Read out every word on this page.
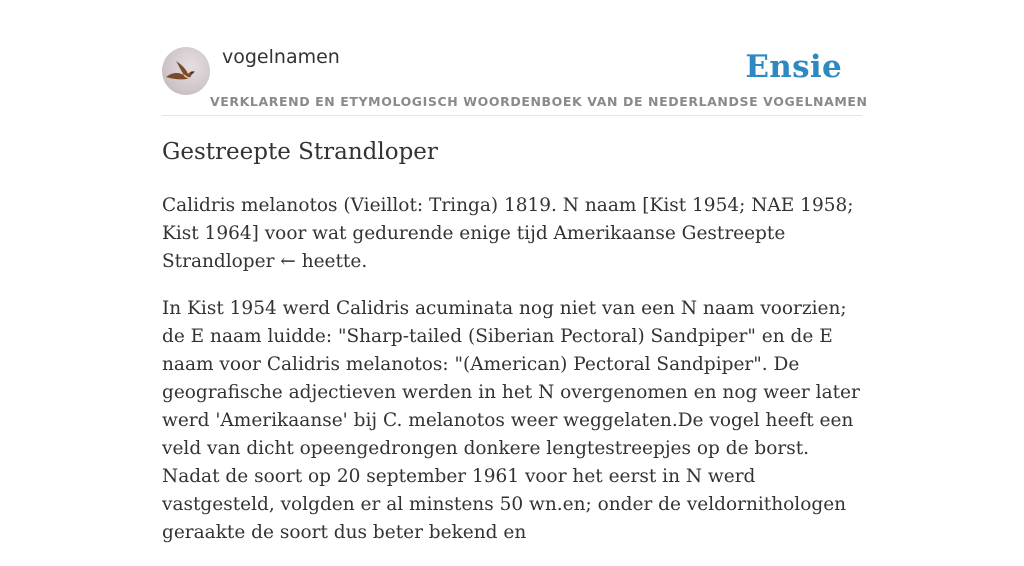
vogelnamen	Ensie
VERKLAREND EN ETYMOLOGISCH WOORDENBOEK VAN DE NEDERLANDSE VOGELNAMEN
Gestreepte Strandloper

Calidris melanotos (Vieillot: Tringa) 1819. N naam [Kist 1954; NAE 1958; Kist 1964] voor wat gedurende enige tijd Amerikaanse Gestreepte Strandloper ← heette.

In Kist 1954 werd Calidris acuminata nog niet van een N naam voorzien; de E naam luidde: "Sharp-tailed (Siberian Pectoral) Sandpiper" en de E naam voor Calidris melanotos: "(American) Pectoral Sandpiper". De geografische adjectieven werden in het N overgenomen en nog weer later werd 'Amerikaanse' bij C. melanotos weer weggelaten.De vogel heeft een veld van dicht opeengedrongen donkere lengtestreepjes op de borst. Nadat de soort op 20 september 1961 voor het eerst in N werd vastgesteld, volgden er al minstens 50 wn.en; onder de veldornithologen geraakte de soort dus beter bekend en
